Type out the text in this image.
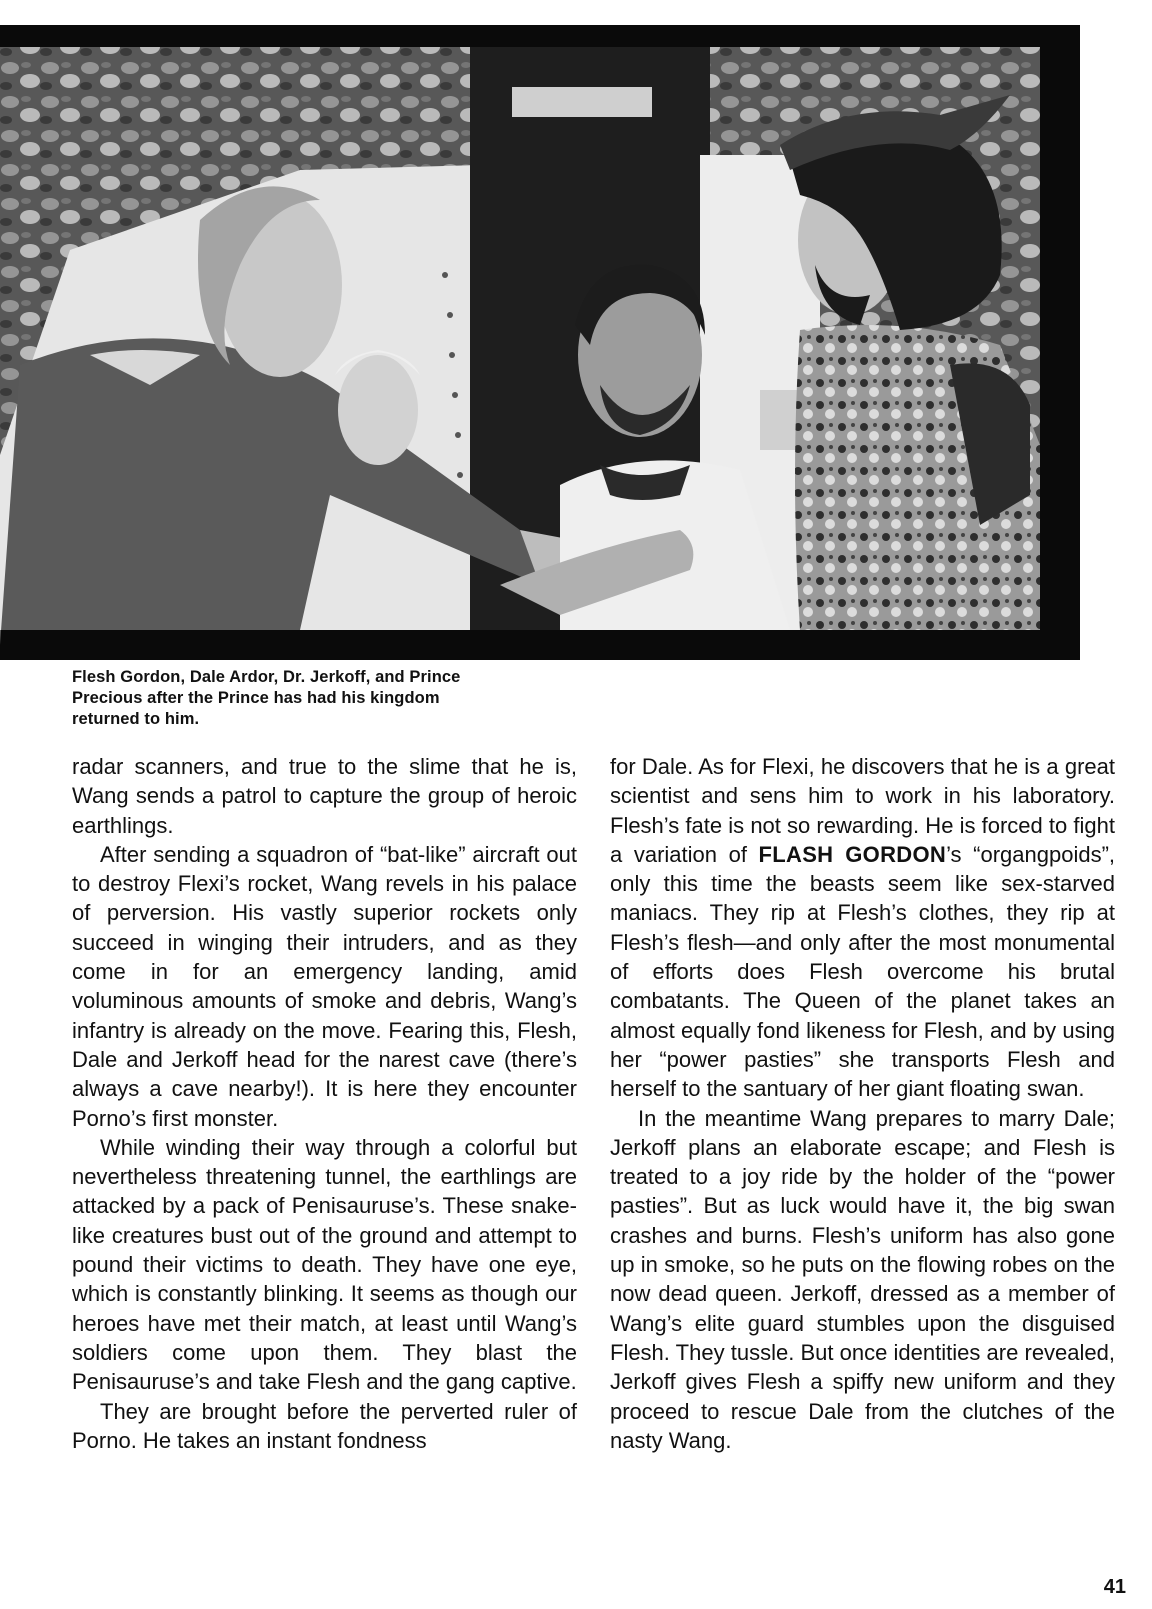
Flesh Gordon, Dale Ardor, Dr. Jerkoff, and Prince
Precious after the Prince has had his kingdom
returned to him.

radar scanners, and true to the slime that he is, Wang sends a patrol to capture the group of heroic earthlings.

After sending a squadron of “bat-like” aircraft out to destroy Flexi’s rocket, Wang revels in his palace of perversion. His vastly superior rockets only succeed in winging their intruders, and as they come in for an emergency landing, amid voluminous amounts of smoke and debris, Wang’s infantry is already on the move. Fearing this, Flesh, Dale and Jerkoff head for the narest cave (there’s always a cave nearby!). It is here they encounter Porno’s first monster.

While winding their way through a colorful but nevertheless threatening tunnel, the earthlings are attacked by a pack of Penisauruse’s. These snake-like creatures bust out of the ground and attempt to pound their victims to death. They have one eye, which is constantly blinking. It seems as though our heroes have met their match, at least until Wang’s soldiers come upon them. They blast the Penisauruse’s and take Flesh and the gang captive.

They are brought before the perverted ruler of Porno. He takes an instant fondness

for Dale. As for Flexi, he discovers that he is a great scientist and sens him to work in his laboratory. Flesh’s fate is not so rewarding. He is forced to fight a variation of FLASH GORDON’s “organgpoids”, only this time the beasts seem like sex-starved maniacs. They rip at Flesh’s clothes, they rip at Flesh’s flesh—and only after the most monumental of efforts does Flesh overcome his brutal combatants. The Queen of the planet takes an almost equally fond likeness for Flesh, and by using her “power pasties” she transports Flesh and herself to the santuary of her giant floating swan.

In the meantime Wang prepares to marry Dale; Jerkoff plans an elaborate escape; and Flesh is treated to a joy ride by the holder of the “power pasties”. But as luck would have it, the big swan crashes and burns. Flesh’s uniform has also gone up in smoke, so he puts on the flowing robes on the now dead queen. Jerkoff, dressed as a member of Wang’s elite guard stumbles upon the disguised Flesh. They tussle. But once identities are revealed, Jerkoff gives Flesh a spiffy new uniform and they proceed to rescue Dale from the clutches of the nasty Wang.

41
